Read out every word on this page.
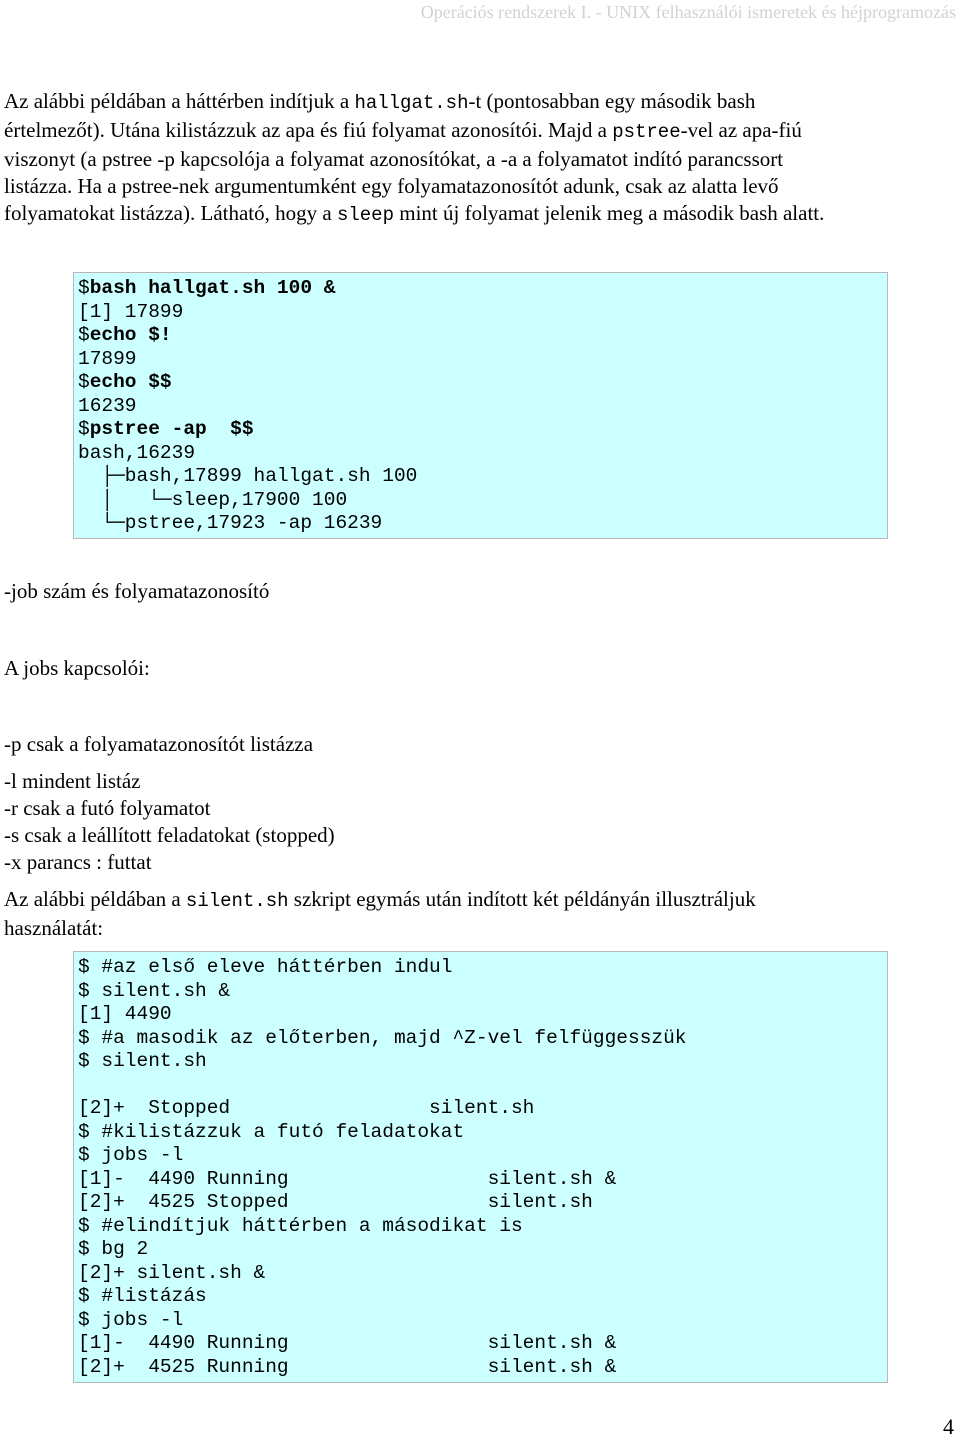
Operációs rendszerek I. - UNIX felhasználói ismeretek és héjprogramozás
Az alábbi példában a háttérben indítjuk a hallgat.sh-t (pontosabban egy második bash
értelmezőt). Utána kilistázzuk az apa és fiú folyamat azonosítói. Majd a pstree-vel az apa-fiú
viszonyt (a pstree -p kapcsolója a folyamat azonosítókat, a -a a folyamatot indító parancssort
listázza. Ha a pstree-nek argumentumként egy folyamatazonosítót adunk, csak az alatta levő
folyamatokat listázza). Látható, hogy a sleep mint új folyamat jelenik meg a második bash alatt.
$bash hallgat.sh 100 &
[1] 17899
$echo $!
17899
$echo $$
16239
$pstree -ap  $$
bash,16239
├─bash,17899 hallgat.sh 100
│   └─sleep,17900 100
└─pstree,17923 -ap 16239
-job szám és folyamatazonosító
A jobs kapcsolói:
-p csak a folyamatazonosítót listázza
-l mindent listáz
-r csak a futó folyamatot
-s csak a leállított feladatokat (stopped)
-x parancs : futtat
Az alábbi példában a silent.sh szkript egymás után indított két példányán illusztráljuk
használatát:
$ #az első eleve háttérben indul
$ silent.sh &
[1] 4490
$ #a masodik az előterben, majd ^Z-vel felfüggesszük
$ silent.sh
[2]+  Stopped                 silent.sh
$ #kilistázzuk a futó feladatokat
$ jobs -l
[1]-  4490 Running                 silent.sh &
[2]+  4525 Stopped                 silent.sh
$ #elindítjuk háttérben a másodikat is
$ bg 2
[2]+ silent.sh &
$ #listázás
$ jobs -l
[1]-  4490 Running                 silent.sh &
[2]+  4525 Running                 silent.sh &
4
